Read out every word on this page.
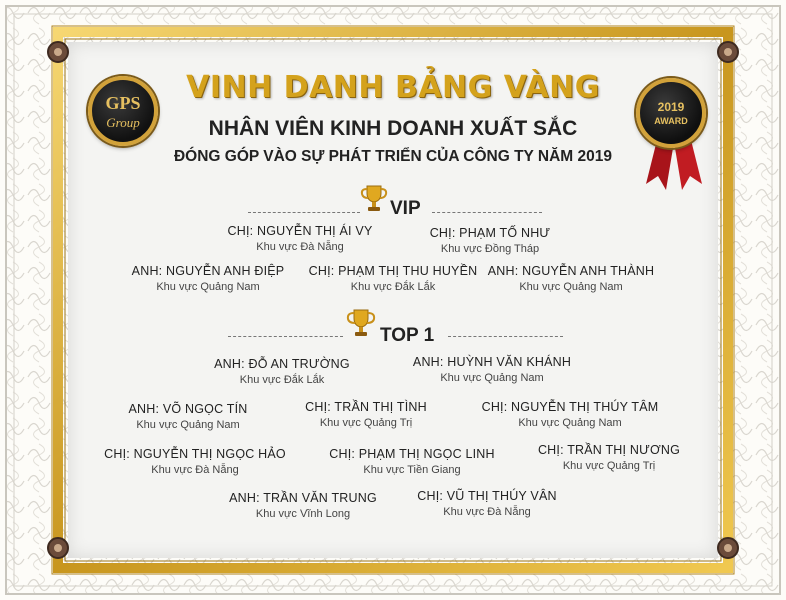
GPS
Group
2019
AWARD
VINH DANH BẢNG VÀNG
NHÂN VIÊN KINH DOANH XUẤT SẮC
ĐÓNG GÓP VÀO SỰ PHÁT TRIỂN CỦA CÔNG TY NĂM 2019
VIP
TOP 1
CHỊ: NGUYỄN THỊ ÁI VY
Khu vực Đà Nẵng
CHỊ: PHẠM TỐ NHƯ
Khu vực Đồng Tháp
ANH: NGUYỄN ANH ĐIỆP
Khu vực Quảng Nam
CHỊ: PHẠM THỊ THU HUYỀN
Khu vực Đắk Lắk
ANH: NGUYỄN ANH THÀNH
Khu vực Quảng Nam
ANH: ĐỖ AN TRƯỜNG
Khu vực Đắk Lắk
ANH: HUỲNH VĂN KHÁNH
Khu vực Quảng Nam
ANH: VÕ NGỌC TÍN
Khu vực Quảng Nam
CHỊ: TRẦN THỊ TÌNH
Khu vực Quảng Trị
CHỊ: NGUYỄN THỊ THÚY TÂM
Khu vực Quảng Nam
CHỊ: NGUYỄN THỊ NGỌC HẢO
Khu vực Đà Nẵng
CHỊ: PHẠM THỊ NGỌC LINH
Khu vực Tiền Giang
CHỊ: TRẦN THỊ NƯƠNG
Khu vực Quảng Trị
ANH: TRẦN VĂN TRUNG
Khu vực Vĩnh Long
CHỊ: VŨ THỊ THÚY VÂN
Khu vực Đà Nẵng
